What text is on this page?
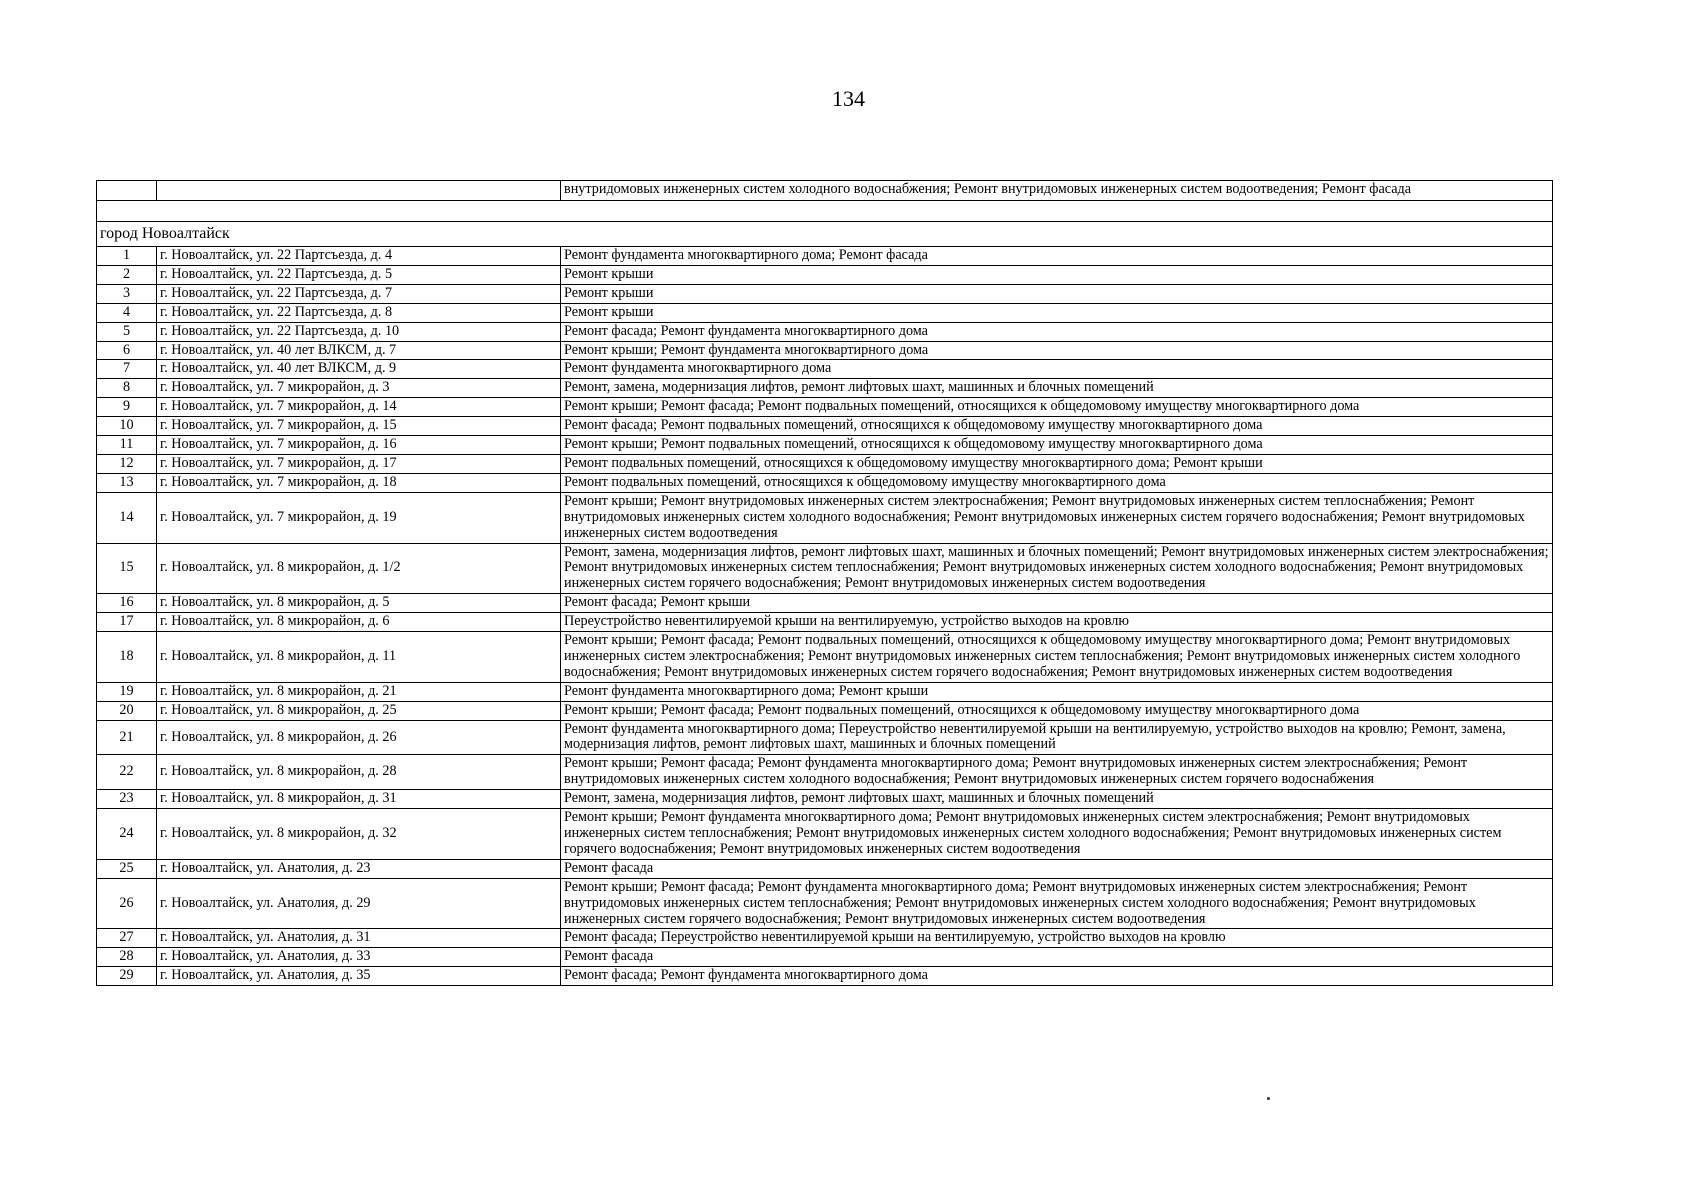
134
		внутридомовых инженерных систем холодного водоснабжения; Ремонт внутридомовых инженерных систем водоотведения; Ремонт фасада

город Новоалтайск		
1	г. Новоалтайск, ул. 22 Партсъезда, д. 4	Ремонт фундамента многоквартирного дома; Ремонт фасада
2	г. Новоалтайск, ул. 22 Партсъезда, д. 5	Ремонт крыши
3	г. Новоалтайск, ул. 22 Партсъезда, д. 7	Ремонт крыши
4	г. Новоалтайск, ул. 22 Партсъезда, д. 8	Ремонт крыши
5	г. Новоалтайск, ул. 22 Партсъезда, д. 10	Ремонт фасада; Ремонт фундамента многоквартирного дома
6	г. Новоалтайск, ул. 40 лет ВЛКСМ, д. 7	Ремонт крыши; Ремонт фундамента многоквартирного дома
7	г. Новоалтайск, ул. 40 лет ВЛКСМ, д. 9	Ремонт фундамента многоквартирного дома
8	г. Новоалтайск, ул. 7 микрорайон, д. 3	Ремонт, замена, модернизация лифтов, ремонт лифтовых шахт, машинных и блочных помещений
9	г. Новоалтайск, ул. 7 микрорайон, д. 14	Ремонт крыши; Ремонт фасада; Ремонт подвальных помещений, относящихся к общедомовому имуществу многоквартирного дома
10	г. Новоалтайск, ул. 7 микрорайон, д. 15	Ремонт фасада; Ремонт подвальных помещений, относящихся к общедомовому имуществу многоквартирного дома
11	г. Новоалтайск, ул. 7 микрорайон, д. 16	Ремонт крыши; Ремонт подвальных помещений, относящихся к общедомовому имуществу многоквартирного дома
12	г. Новоалтайск, ул. 7 микрорайон, д. 17	Ремонт подвальных помещений, относящихся к общедомовому имуществу многоквартирного дома; Ремонт крыши
13	г. Новоалтайск, ул. 7 микрорайон, д. 18	Ремонт подвальных помещений, относящихся к общедомовому имуществу многоквартирного дома
14	г. Новоалтайск, ул. 7 микрорайон, д. 19	Ремонт крыши; Ремонт внутридомовых инженерных систем электроснабжения; Ремонт внутридомовых инженерных систем теплоснабжения; Ремонт внутридомовых инженерных систем холодного водоснабжения; Ремонт внутридомовых инженерных систем горячего водоснабжения; Ремонт внутридомовых инженерных систем водоотведения
15	г. Новоалтайск, ул. 8 микрорайон, д. 1/2	Ремонт, замена, модернизация лифтов, ремонт лифтовых шахт, машинных и блочных помещений; Ремонт внутридомовых инженерных систем электроснабжения; Ремонт внутридомовых инженерных систем теплоснабжения; Ремонт внутридомовых инженерных систем холодного водоснабжения; Ремонт внутридомовых инженерных систем горячего водоснабжения; Ремонт внутридомовых инженерных систем водоотведения
16	г. Новоалтайск, ул. 8 микрорайон, д. 5	Ремонт фасада; Ремонт крыши
17	г. Новоалтайск, ул. 8 микрорайон, д. 6	Переустройство невентилируемой крыши на вентилируемую, устройство выходов на кровлю
18	г. Новоалтайск, ул. 8 микрорайон, д. 11	Ремонт крыши; Ремонт фасада; Ремонт подвальных помещений, относящихся к общедомовому имуществу многоквартирного дома; Ремонт внутридомовых инженерных систем электроснабжения; Ремонт внутридомовых инженерных систем теплоснабжения; Ремонт внутридомовых инженерных систем холодного водоснабжения; Ремонт внутридомовых инженерных систем горячего водоснабжения; Ремонт внутридомовых инженерных систем водоотведения
19	г. Новоалтайск, ул. 8 микрорайон, д. 21	Ремонт фундамента многоквартирного дома; Ремонт крыши
20	г. Новоалтайск, ул. 8 микрорайон, д. 25	Ремонт крыши; Ремонт фасада; Ремонт подвальных помещений, относящихся к общедомовому имуществу многоквартирного дома
21	г. Новоалтайск, ул. 8 микрорайон, д. 26	Ремонт фундамента многоквартирного дома; Переустройство невентилируемой крыши на вентилируемую, устройство выходов на кровлю; Ремонт, замена, модернизация лифтов, ремонт лифтовых шахт, машинных и блочных помещений
22	г. Новоалтайск, ул. 8 микрорайон, д. 28	Ремонт крыши; Ремонт фасада; Ремонт фундамента многоквартирного дома; Ремонт внутридомовых инженерных систем электроснабжения; Ремонт внутридомовых инженерных систем холодного водоснабжения; Ремонт внутридомовых инженерных систем горячего водоснабжения
23	г. Новоалтайск, ул. 8 микрорайон, д. 31	Ремонт, замена, модернизация лифтов, ремонт лифтовых шахт, машинных и блочных помещений
24	г. Новоалтайск, ул. 8 микрорайон, д. 32	Ремонт крыши; Ремонт фундамента многоквартирного дома; Ремонт внутридомовых инженерных систем электроснабжения; Ремонт внутридомовых инженерных систем теплоснабжения; Ремонт внутридомовых инженерных систем холодного водоснабжения; Ремонт внутридомовых инженерных систем горячего водоснабжения; Ремонт внутридомовых инженерных систем водоотведения
25	г. Новоалтайск, ул. Анатолия, д. 23	Ремонт фасада
26	г. Новоалтайск, ул. Анатолия, д. 29	Ремонт крыши; Ремонт фасада; Ремонт фундамента многоквартирного дома; Ремонт внутридомовых инженерных систем электроснабжения; Ремонт внутридомовых инженерных систем теплоснабжения; Ремонт внутридомовых инженерных систем холодного водоснабжения; Ремонт внутридомовых инженерных систем горячего водоснабжения; Ремонт внутридомовых инженерных систем водоотведения
27	г. Новоалтайск, ул. Анатолия, д. 31	Ремонт фасада; Переустройство невентилируемой крыши на вентилируемую, устройство выходов на кровлю
28	г. Новоалтайск, ул. Анатолия, д. 33	Ремонт фасада
29	г. Новоалтайск, ул. Анатолия, д. 35	Ремонт фасада; Ремонт фундамента многоквартирного дома
